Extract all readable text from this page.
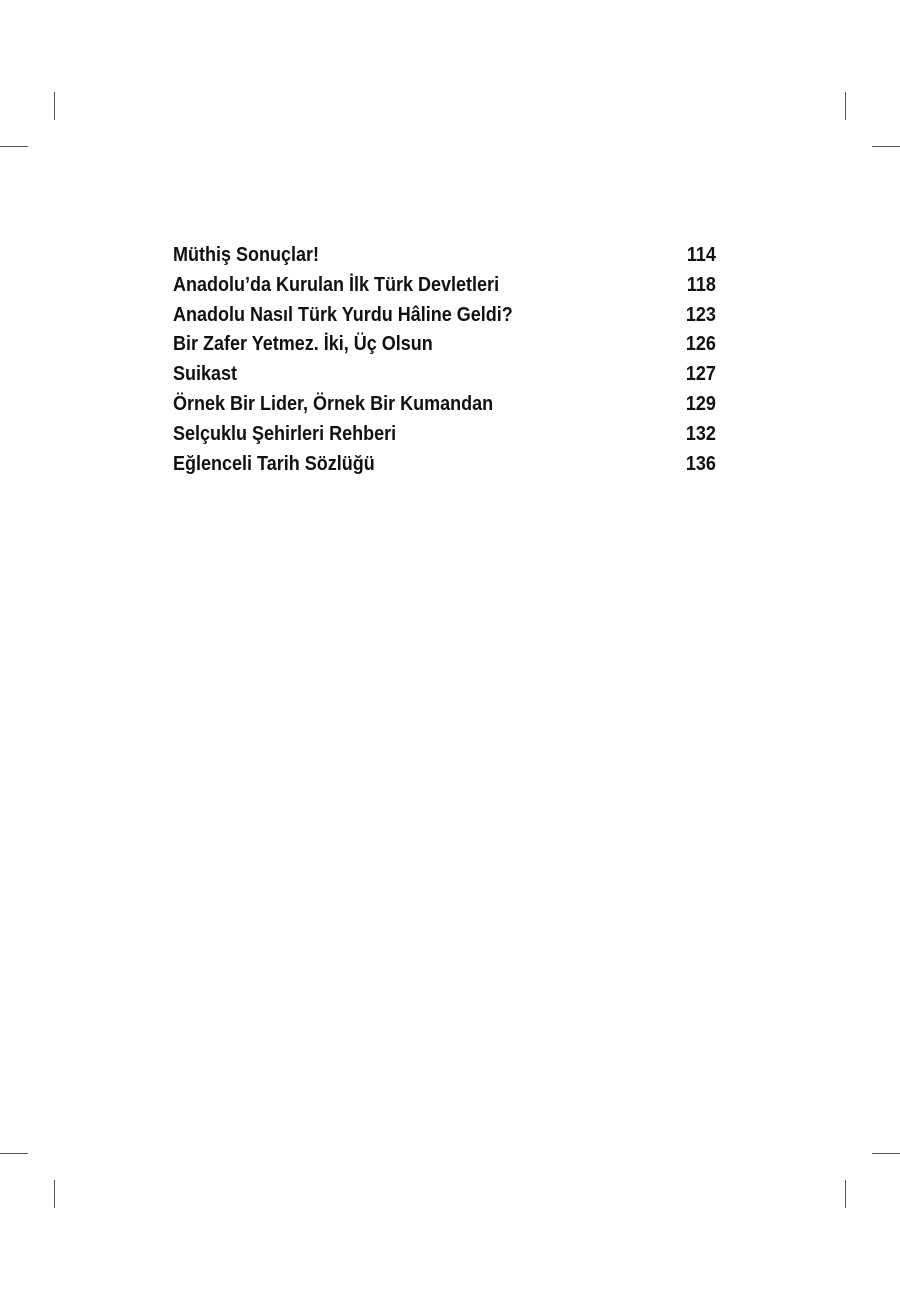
Müthiş Sonuçlar!	114
Anadolu’da Kurulan İlk Türk Devletleri	118
Anadolu Nasıl Türk Yurdu Hâline Geldi?	123
Bir Zafer Yetmez. İki, Üç Olsun	126
Suikast	127
Örnek Bir Lider, Örnek Bir Kumandan	129
Selçuklu Şehirleri Rehberi	132
Eğlenceli Tarih Sözlüğü	136
